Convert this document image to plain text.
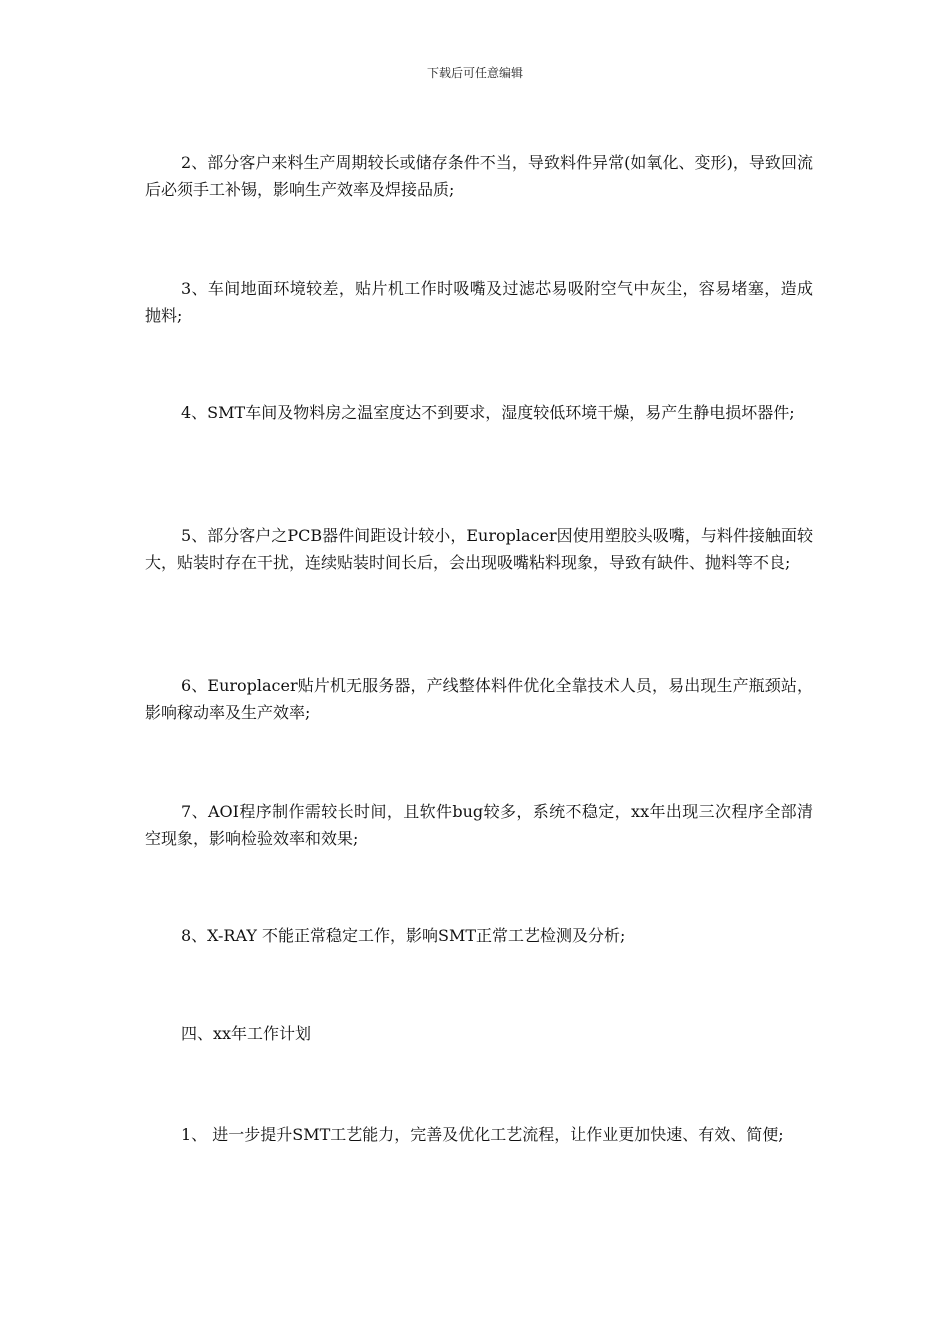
下载后可任意编辑

2、部分客户来料生产周期较长或储存条件不当，导致料件异常(如氧化、变形)，导致回流后必须手工补锡，影响生产效率及焊接品质;

3、车间地面环境较差，贴片机工作时吸嘴及过滤芯易吸附空气中灰尘，容易堵塞，造成抛料;

4、SMT车间及物料房之温室度达不到要求，湿度较低环境干燥，易产生静电损坏器件;

5、部分客户之PCB器件间距设计较小，Europlacer因使用塑胶头吸嘴，与料件接触面较大，贴装时存在干扰，连续贴装时间长后，会出现吸嘴粘料现象，导致有缺件、抛料等不良;

6、Europlacer贴片机无服务器，产线整体料件优化全靠技术人员，易出现生产瓶颈站，影响稼动率及生产效率;

7、AOI程序制作需较长时间，且软件bug较多，系统不稳定，xx年出现三次程序全部清空现象，影响检验效率和效果;

8、X-RAY 不能正常稳定工作，影响SMT正常工艺检测及分析;

四、xx年工作计划

1、 进一步提升SMT工艺能力，完善及优化工艺流程，让作业更加快速、有效、简便;
